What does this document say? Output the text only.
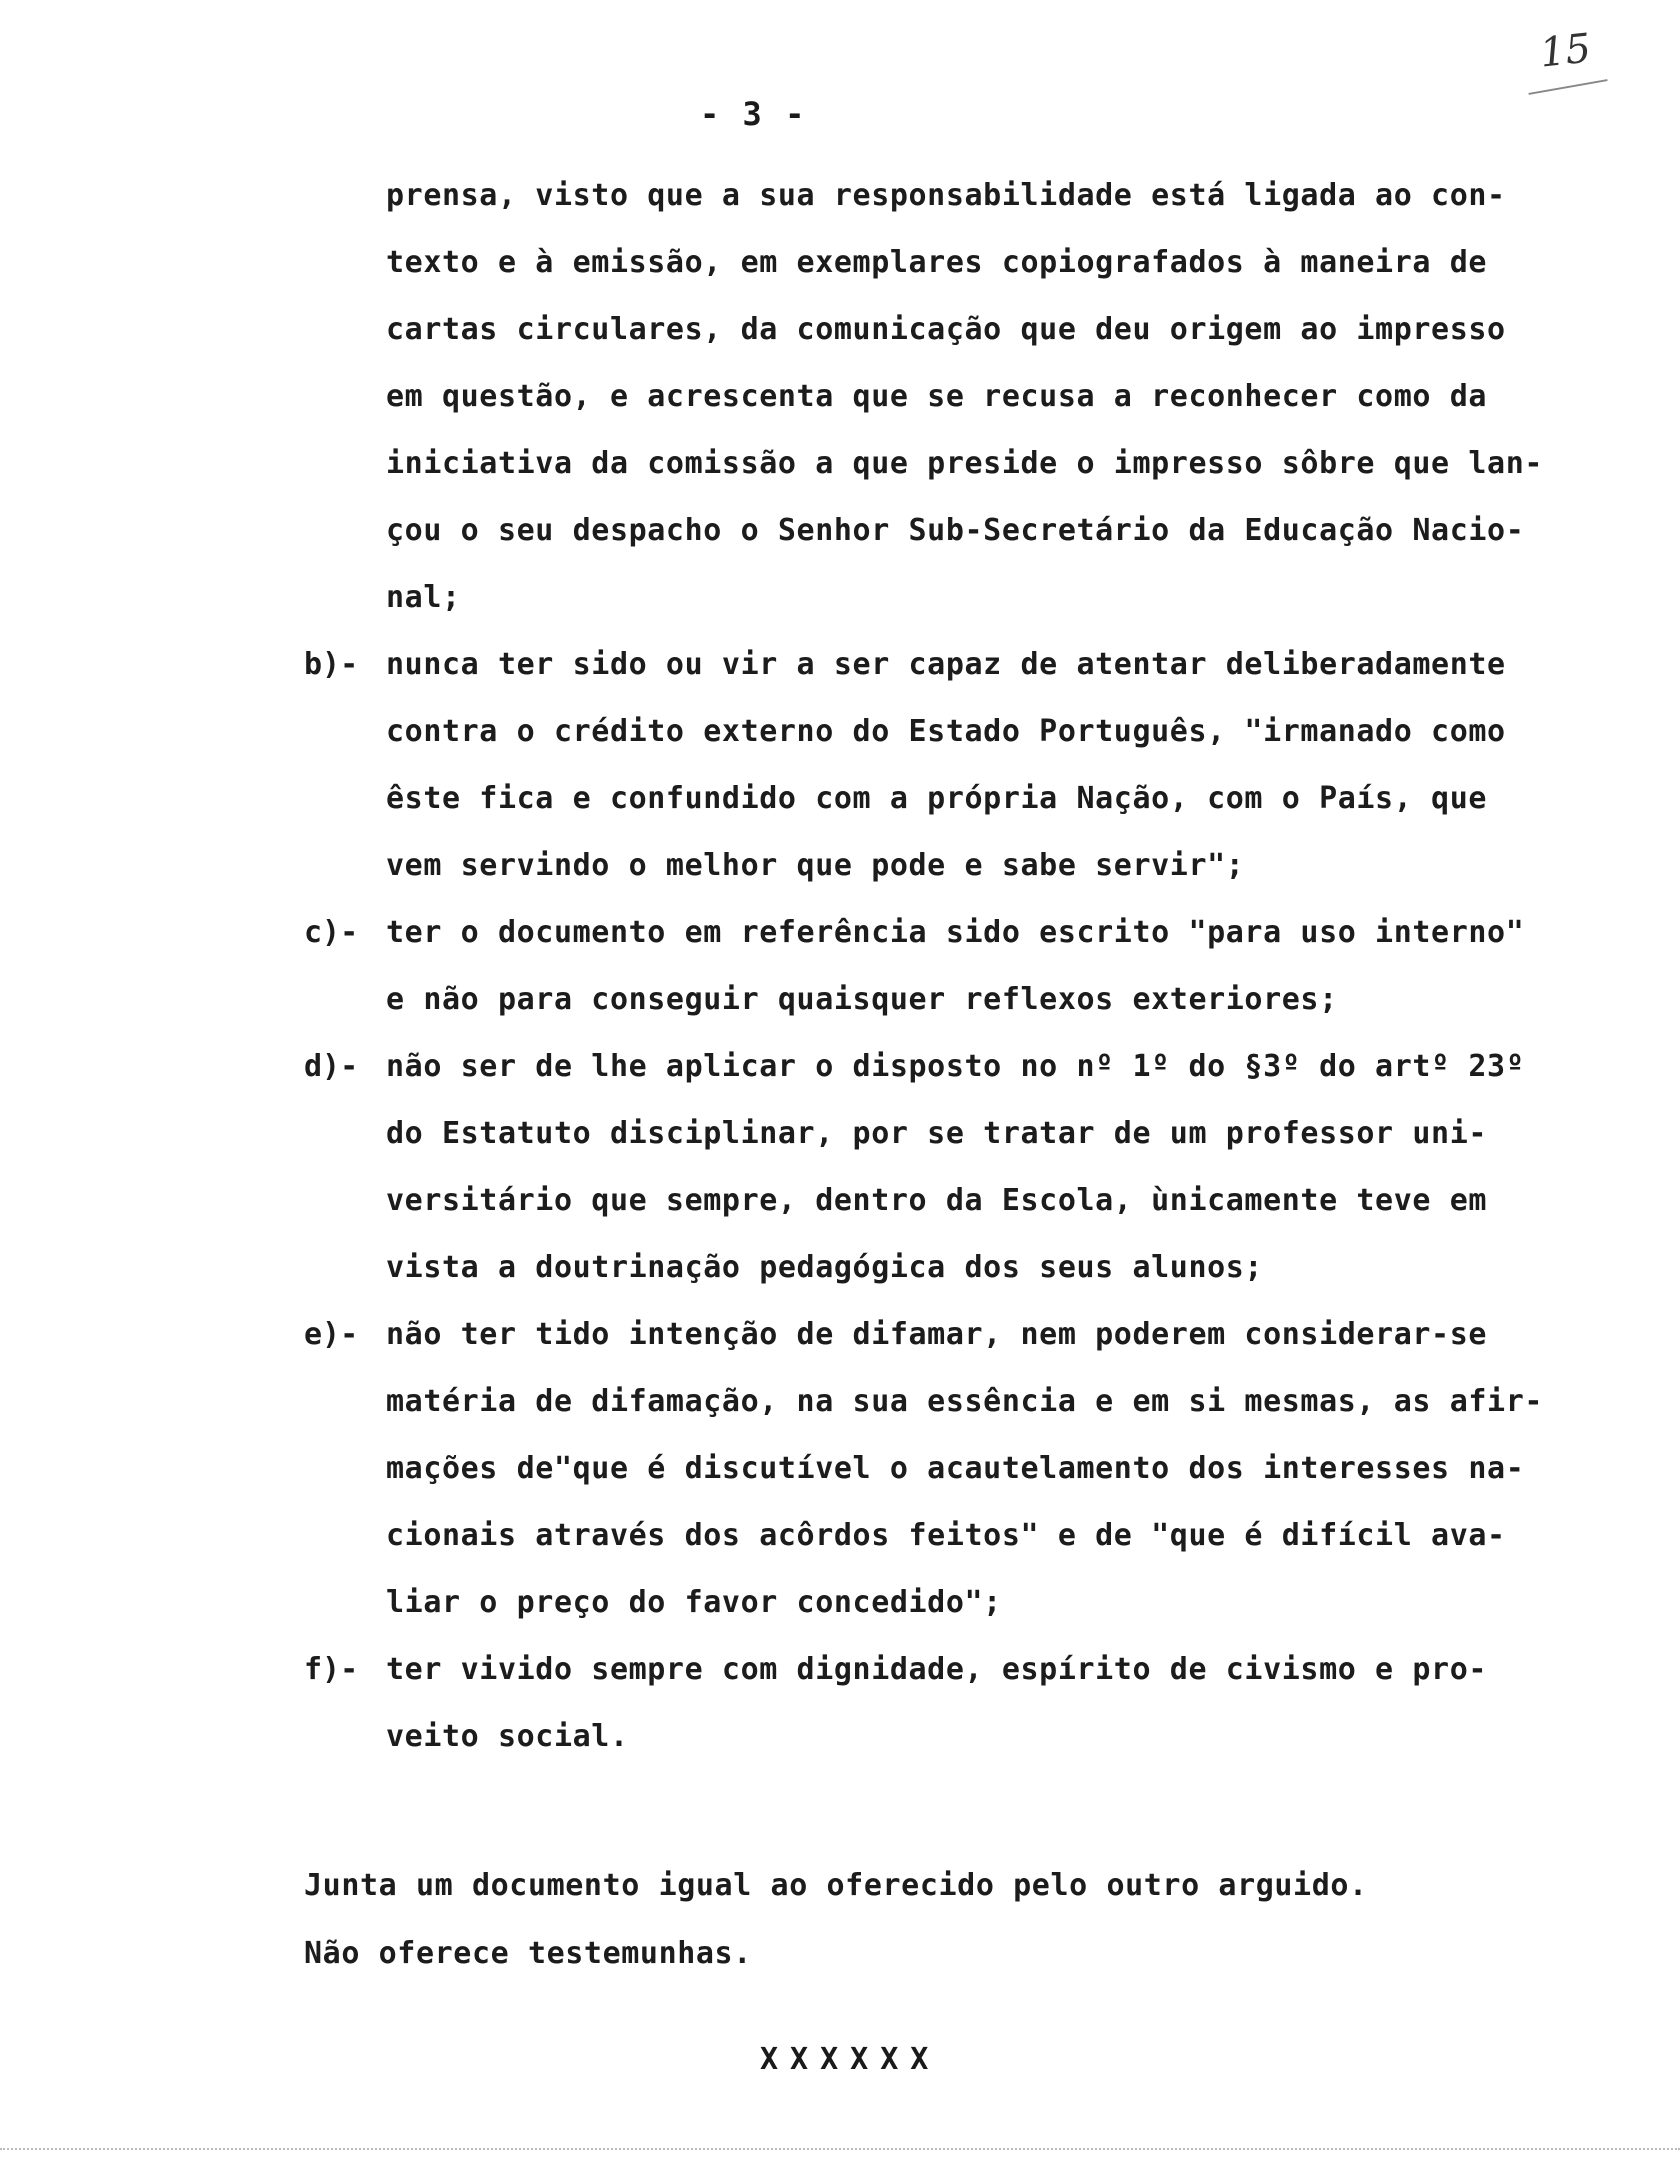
15
- 3 -
prensa, visto que a sua responsabilidade está ligada ao con-
texto e à emissão, em exemplares copiografados à maneira de
cartas circulares, da comunicação que deu origem ao impresso
em questão, e acrescenta que se recusa a reconhecer como da
iniciativa da comissão a que preside o impresso sôbre que lan-
çou o seu despacho o Senhor Sub-Secretário da Educação Nacio-
nal;
b)- nunca ter sido ou vir a ser capaz de atentar deliberadamente
contra o crédito externo do Estado Português, "irmanado como
êste fica e confundido com a própria Nação, com o País, que
vem servindo o melhor que pode e sabe servir";
c)- ter o documento em referência sido escrito "para uso interno"
e não para conseguir quaisquer reflexos exteriores;
d)- não ser de lhe aplicar o disposto no nº 1º do §3º do artº 23º
do Estatuto disciplinar, por se tratar de um professor uni-
versitário que sempre, dentro da Escola, ùnicamente teve em
vista a doutrinação pedagógica dos seus alunos;
e)- não ter tido intenção de difamar, nem poderem considerar-se
matéria de difamação, na sua essência e em si mesmas, as afir-
mações de"que é discutível o acautelamento dos interesses na-
cionais através dos acôrdos feitos" e de "que é difícil ava-
liar o preço do favor concedido";
f)- ter vivido sempre com dignidade, espírito de civismo e pro-
veito social.
Junta um documento igual ao oferecido pelo outro arguido.
Não oferece testemunhas.
XXXXXX
